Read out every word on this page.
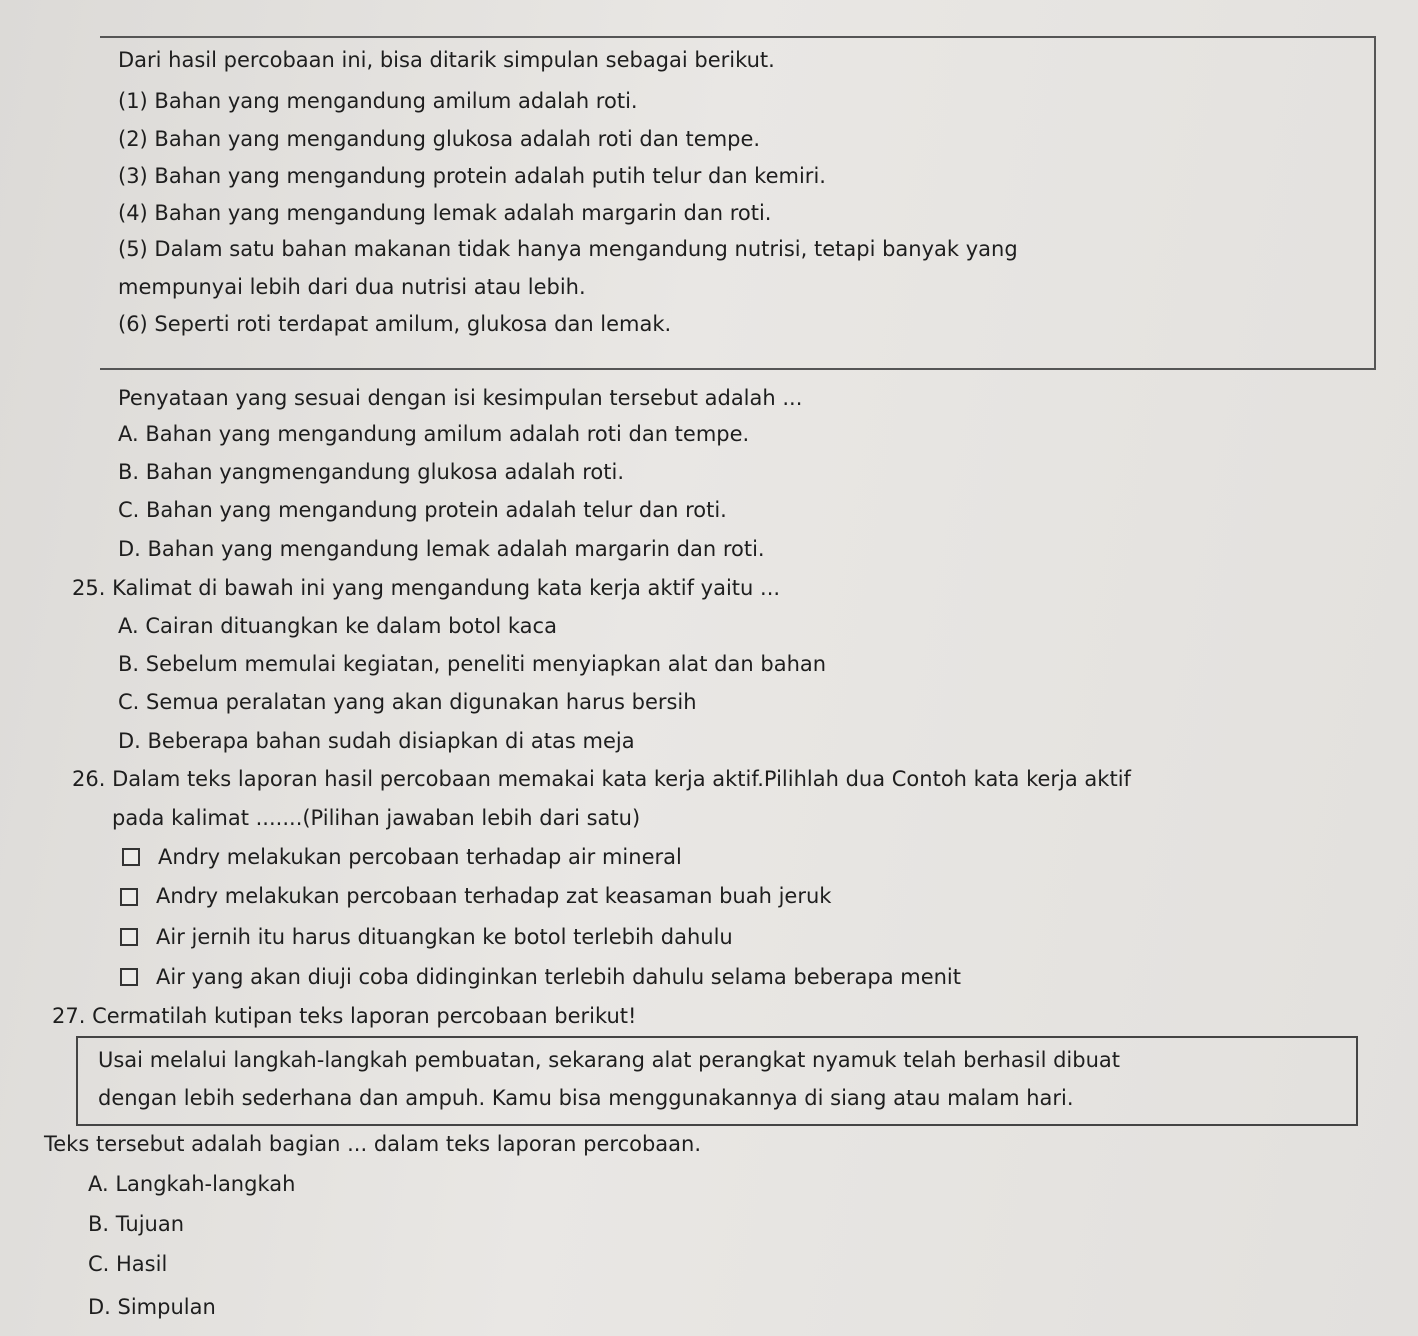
Dari hasil percobaan ini, bisa ditarik simpulan sebagai berikut.
(1) Bahan yang mengandung amilum adalah roti.
(2) Bahan yang mengandung glukosa adalah roti dan tempe.
(3) Bahan yang mengandung protein adalah putih telur dan kemiri.
(4) Bahan yang mengandung lemak adalah margarin dan roti.
(5) Dalam satu bahan makanan tidak hanya mengandung nutrisi, tetapi banyak yang
mempunyai lebih dari dua nutrisi atau lebih.
(6) Seperti roti terdapat amilum, glukosa dan lemak.
Penyataan yang sesuai dengan isi kesimpulan tersebut adalah ...
A. Bahan yang mengandung amilum adalah roti dan tempe.
B. Bahan yangmengandung glukosa adalah roti.
C. Bahan yang mengandung protein adalah telur dan roti.
D. Bahan yang mengandung lemak adalah margarin dan roti.
25. Kalimat di bawah ini yang mengandung kata kerja aktif yaitu ...
A. Cairan dituangkan ke dalam botol kaca
B. Sebelum memulai kegiatan, peneliti menyiapkan alat dan bahan
C. Semua peralatan yang akan digunakan harus bersih
D. Beberapa bahan sudah disiapkan di atas meja
26. Dalam teks laporan hasil percobaan memakai kata kerja aktif.Pilihlah dua Contoh kata kerja aktif
pada kalimat .......(Pilihan jawaban lebih dari satu)
Andry melakukan percobaan terhadap air mineral
Andry melakukan percobaan terhadap zat keasaman buah jeruk
Air jernih itu harus dituangkan ke botol terlebih dahulu
Air yang akan diuji coba didinginkan terlebih dahulu selama beberapa menit
27. Cermatilah kutipan teks laporan percobaan berikut!
Usai melalui langkah-langkah pembuatan, sekarang alat perangkat nyamuk telah berhasil dibuat
dengan lebih sederhana dan ampuh. Kamu bisa menggunakannya di siang atau malam hari.
Teks tersebut adalah bagian ... dalam teks laporan percobaan.
A. Langkah-langkah
B. Tujuan
C. Hasil
D. Simpulan
